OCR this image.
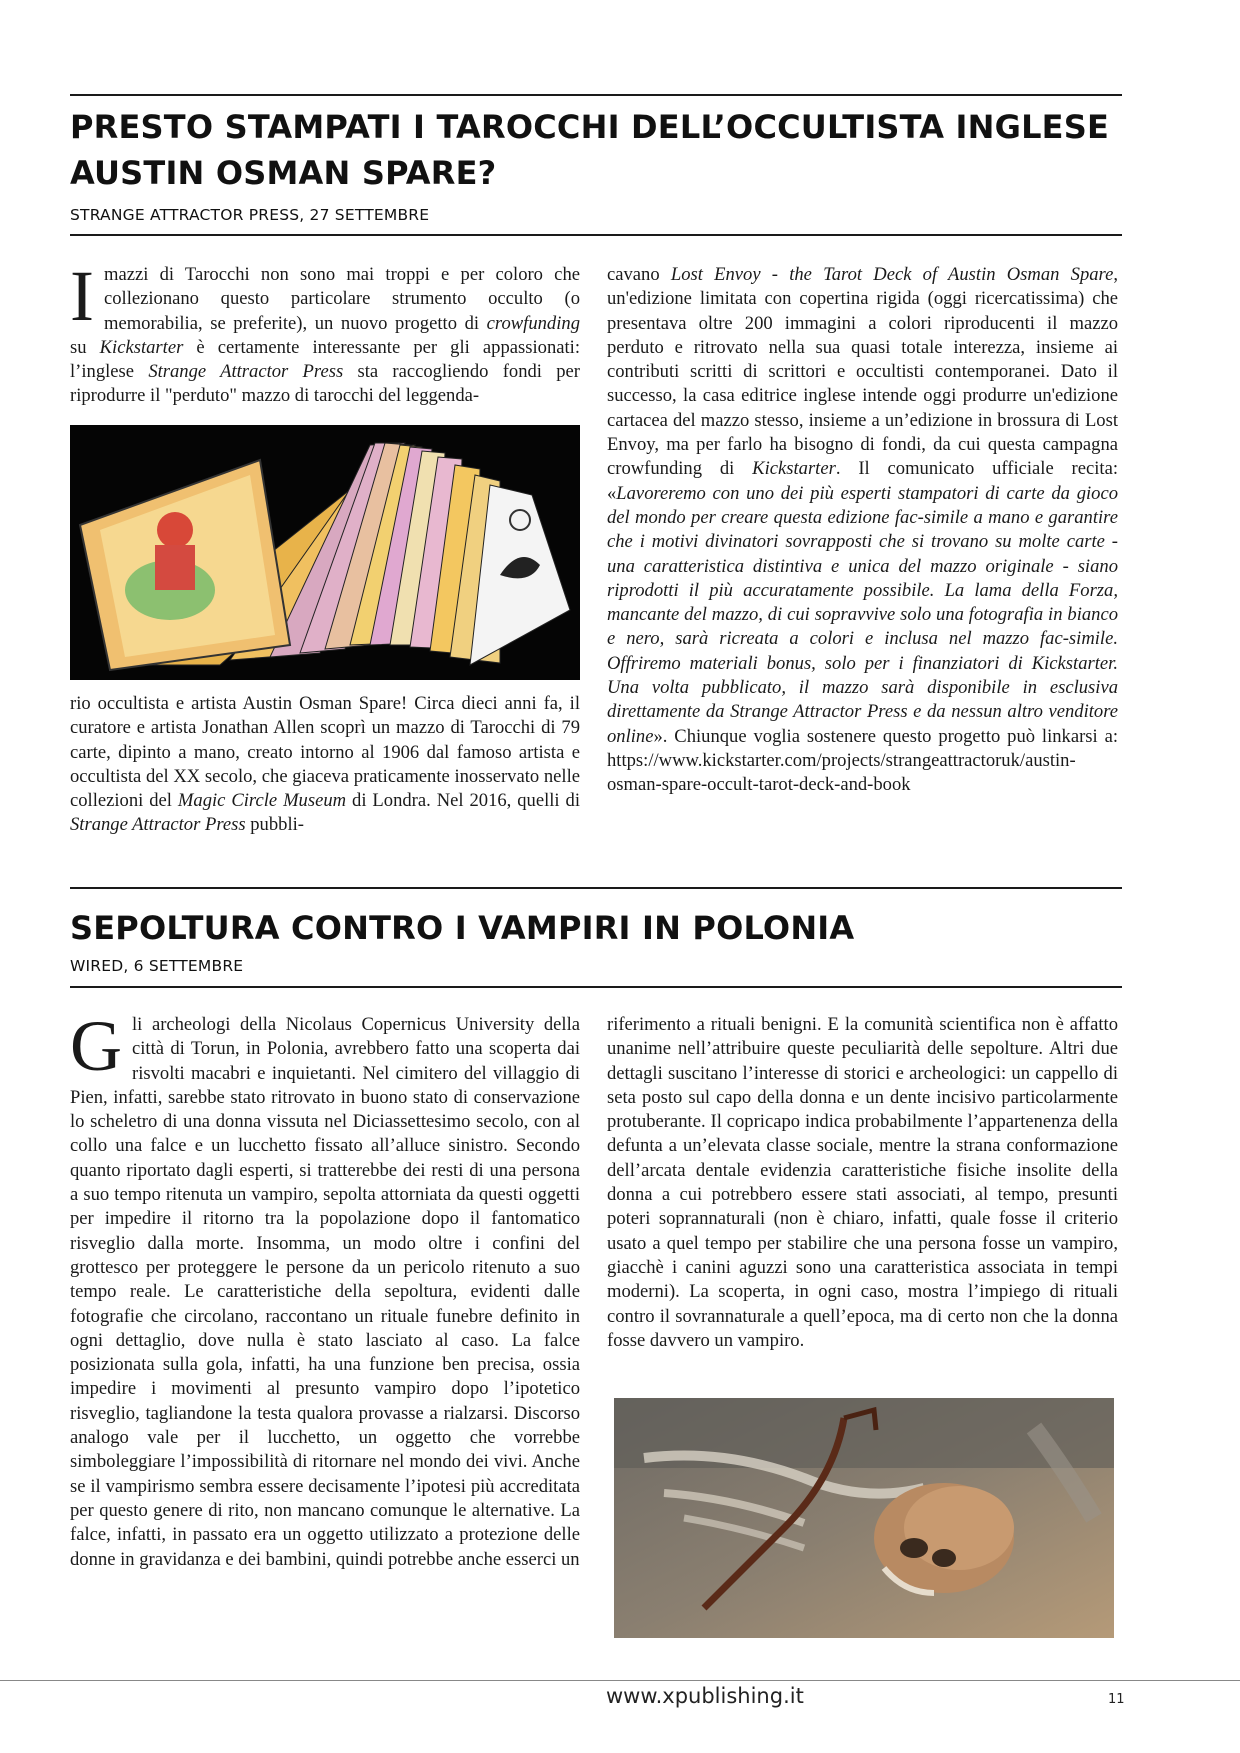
PRESTO STAMPATI I TAROCCHI DELL’OCCULTISTA INGLESE
AUSTIN OSMAN SPARE?
STRANGE ATTRACTOR PRESS, 27 SETTEMBRE

Imazzi di Tarocchi non sono mai troppi e per coloro che collezionano questo particolare strumento occulto (o memorabilia, se preferite), un nuovo progetto di crowfunding su Kickstarter è certamente interessante per gli appassionati: l’inglese Strange Attractor Press sta raccogliendo fondi per riprodurre il "perduto" mazzo di tarocchi del leggenda-

rio occultista e artista Austin Osman Spare! Circa dieci anni fa, il curatore e artista Jonathan Allen scoprì un mazzo di Tarocchi di 79 carte, dipinto a mano, creato intorno al 1906 dal famoso artista e occultista del XX secolo, che giaceva praticamente inosservato nelle collezioni del Magic Circle Museum di Londra. Nel 2016, quelli di Strange Attractor Press pubbli-

cavano Lost Envoy - the Tarot Deck of Austin Osman Spare, un'edizione limitata con copertina rigida (oggi ricercatissima) che presentava oltre 200 immagini a colori riproducenti il mazzo perduto e ritrovato nella sua quasi totale interezza, insieme ai contributi scritti di scrittori e occultisti contemporanei. Dato il successo, la casa editrice inglese intende oggi produrre un'edizione cartacea del mazzo stesso, insieme a un’edizione in brossura di Lost Envoy, ma per farlo ha bisogno di fondi, da cui questa campagna crowfunding di Kickstarter. Il comunicato ufficiale recita: «Lavoreremo con uno dei più esperti stampatori di carte da gioco del mondo per creare questa edizione fac-simile a mano e garantire che i motivi divinatori sovrapposti che si trovano su molte carte - una caratteristica distintiva e unica del mazzo originale - siano riprodotti il più accuratamente possibile. La lama della Forza, mancante del mazzo, di cui sopravvive solo una fotografia in bianco e nero, sarà ricreata a colori e inclusa nel mazzo fac-simile. Offriremo materiali bonus, solo per i finanziatori di Kickstarter. Una volta pubblicato, il mazzo sarà disponibile in esclusiva direttamente da Strange Attractor Press e da nessun altro venditore online». Chiunque voglia sostenere questo progetto può linkarsi a: https://www.kickstarter.com/projects/strangeattractoruk/austin-osman-spare-occult-tarot-deck-and-book

SEPOLTURA CONTRO I VAMPIRI IN POLONIA
WIRED, 6 SETTEMBRE

Gli archeologi della Nicolaus Copernicus University della città di Torun, in Polonia, avrebbero fatto una scoperta dai risvolti macabri e inquietanti. Nel cimitero del villaggio di Pien, infatti, sarebbe stato ritrovato in buono stato di conservazione lo scheletro di una donna vissuta nel Diciassettesimo secolo, con al collo una falce e un lucchetto fissato all’alluce sinistro. Secondo quanto riportato dagli esperti, si tratterebbe dei resti di una persona a suo tempo ritenuta un vampiro, sepolta attorniata da questi oggetti per impedire il ritorno tra la popolazione dopo il fantomatico risveglio dalla morte. Insomma, un modo oltre i confini del grottesco per proteggere le persone da un pericolo ritenuto a suo tempo reale. Le caratteristiche della sepoltura, evidenti dalle fotografie che circolano, raccontano un rituale funebre definito in ogni dettaglio, dove nulla è stato lasciato al caso. La falce posizionata sulla gola, infatti, ha una funzione ben precisa, ossia impedire i movimenti al presunto vampiro dopo l’ipotetico risveglio, tagliandone la testa qualora provasse a rialzarsi. Discorso analogo vale per il lucchetto, un oggetto che vorrebbe simboleggiare l’impossibilità di ritornare nel mondo dei vivi. Anche se il vampirismo sembra essere decisamente l’ipotesi più accreditata per questo genere di rito, non mancano comunque le alternative. La falce, infatti, in passato era un oggetto utilizzato a protezione delle donne in gravidanza e dei bambini, quindi potrebbe anche esserci un

riferimento a rituali benigni. E la comunità scientifica non è affatto unanime nell’attribuire queste peculiarità delle sepolture. Altri due dettagli suscitano l’interesse di storici e archeologici: un cappello di seta posto sul capo della donna e un dente incisivo particolarmente protuberante. Il copricapo indica probabilmente l’appartenenza della defunta a un’elevata classe sociale, mentre la strana conformazione dell’arcata dentale evidenzia caratteristiche fisiche insolite della donna a cui potrebbero essere stati associati, al tempo, presunti poteri soprannaturali (non è chiaro, infatti, quale fosse il criterio usato a quel tempo per stabilire che una persona fosse un vampiro, giacchè i canini aguzzi sono una caratteristica associata in tempi moderni). La scoperta, in ogni caso, mostra l’impiego di rituali contro il sovrannaturale a quell’epoca, ma di certo non che la donna fosse davvero un vampiro.

www.xpublishing.it	11
